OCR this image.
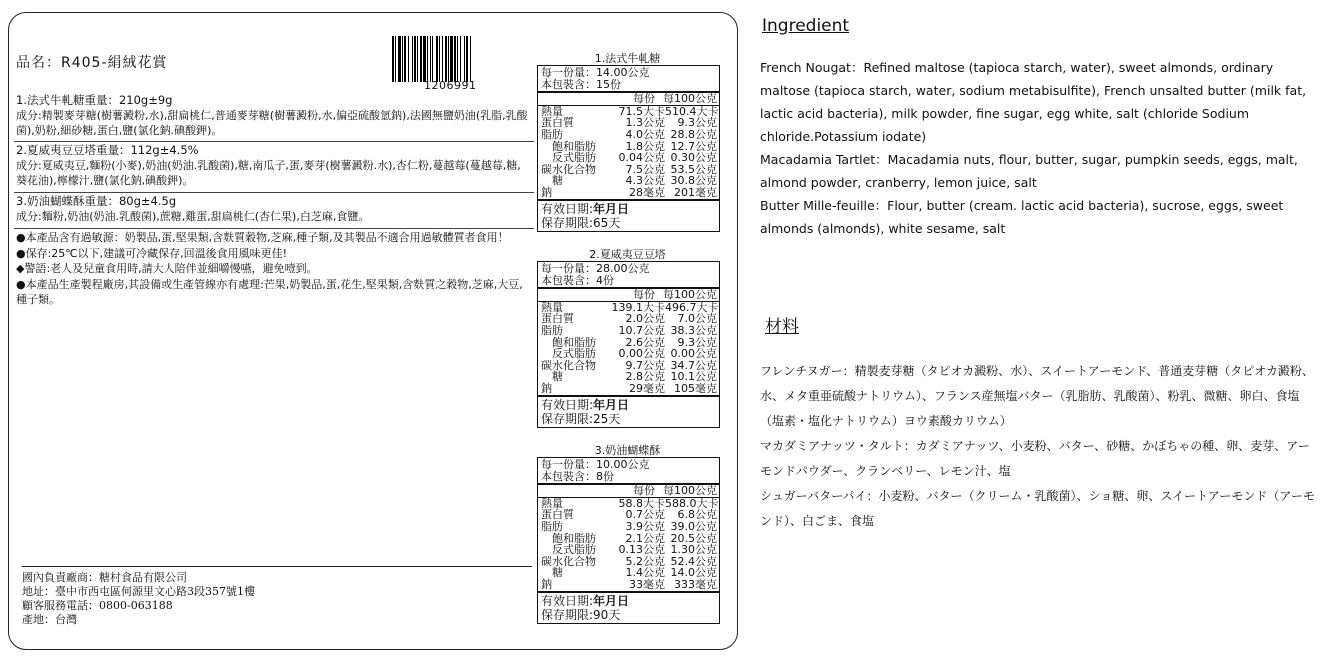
品名：R405-絹絨花賞
1206991
1.法式牛軋糖重量：210g±9g
成分:精製麥芽糖(樹薯澱粉,水),甜扁桃仁,普通麥芽糖(樹薯澱粉,水,偏亞硫酸氫鈉),法國無鹽奶油(乳脂,乳酸菌),奶粉,細砂糖,蛋白,鹽(氯化鈉.碘酸鉀)。
2.夏威夷豆豆塔重量：112g±4.5%
成分:夏威夷豆,麵粉(小麥),奶油(奶油.乳酸菌),糖,南瓜子,蛋,麥芽(樹薯澱粉.水),杏仁粉,蔓越莓(蔓越莓,糖,葵花油),檸檬汁,鹽(氯化鈉,碘酸鉀)。
3.奶油蝴蝶酥重量：80g±4.5g
成分:麵粉,奶油(奶油.乳酸菌),蔗糖,雞蛋,甜扁桃仁(杏仁果),白芝麻,食鹽。
●本產品含有過敏源：奶製品,蛋,堅果類,含麩質穀物,芝麻,種子類,及其製品不適合用過敏體質者食用！
●保存:25℃以下,建議可冷藏保存,回溫後食用風味更佳!
◆警語:老人及兒童食用時,請大人陪伴並細嚼慢嚥，避免噎到。
●本產品生產製程廠房,其設備或生產管線亦有處理:芒果,奶製品,蛋,花生,堅果類,含麩質之穀物,芝麻,大豆,種子類。
國內負責廠商：糖村食品有限公司
地址：臺中市西屯區何源里文心路3段357號1樓
顧客服務電話：0800-063188
產地：台灣
1.法式牛軋糖
每一份量：14.00公克
本包裝含：15份
每份 每100公克
熱量	71.5大卡 510.4大卡
蛋白質	1.3公克	9.3公克
脂肪	4.0公克 28.8公克
　飽和脂肪	1.8公克 12.7公克
　反式脂肪	0.04公克 0.30公克
碳水化合物	7.5公克 53.5公克
　糖	4.3公克 30.8公克
鈉	28毫克 201毫克
有效日期:年月日
保存期限:65天
2.夏威夷豆豆塔
每一份量：28.00公克
本包裝含：4份
每份 每100公克
熱量	139.1大卡 496.7大卡
蛋白質	2.0公克	7.0公克
脂肪	10.7公克 38.3公克
　飽和脂肪	2.6公克	9.3公克
　反式脂肪	0.00公克 0.00公克
碳水化合物	9.7公克 34.7公克
　糖	2.8公克 10.1公克
鈉	29毫克 105毫克
有效日期:年月日
保存期限:25天
3.奶油蝴蝶酥
每一份量：10.00公克
本包裝含：8份
每份 每100公克
熱量	58.8大卡 588.0大卡
蛋白質	0.7公克	6.8公克
脂肪	3.9公克 39.0公克
　飽和脂肪	2.1公克 20.5公克
　反式脂肪	0.13公克 1.30公克
碳水化合物	5.2公克 52.4公克
　糖	1.4公克 14.0公克
鈉	33毫克 333毫克
有效日期:年月日
保存期限:90天
Ingredient
French Nougat：Refined maltose (tapioca starch, water), sweet almonds, ordinary maltose (tapioca starch, water, sodium metabisulfite), French unsalted butter (milk fat, lactic acid bacteria), milk powder, fine sugar, egg white, salt (chloride Sodium chloride.Potassium iodate)
Macadamia Tartlet：Macadamia nuts, flour, butter, sugar, pumpkin seeds, eggs, malt, almond powder, cranberry, lemon juice, salt
Butter Mille-feuille：Flour, butter (cream. lactic acid bacteria), sucrose, eggs, sweet almonds (almonds), white sesame, salt
材料
フレンチヌガー：精製麦芽糖（タピオカ澱粉、水）、スイートアーモンド、普通麦芽糖（タピオカ澱粉、水、メタ重亜硫酸ナトリウム）、フランス産無塩バター（乳脂肪、乳酸菌）、粉乳、微糖、卵白、食塩（塩素・塩化ナトリウム）ヨウ素酸カリウム）
マカダミアナッツ・タルト：カダミアナッツ、小麦粉、バター、砂糖、かぼちゃの種、卵、麦芽、アーモンドパウダー、クランベリー、レモン汁、塩
シュガーバターパイ：小麦粉、バター（クリーム・乳酸菌）、ショ糖、卵、スイートアーモンド（アーモンド）、白ごま、食塩
